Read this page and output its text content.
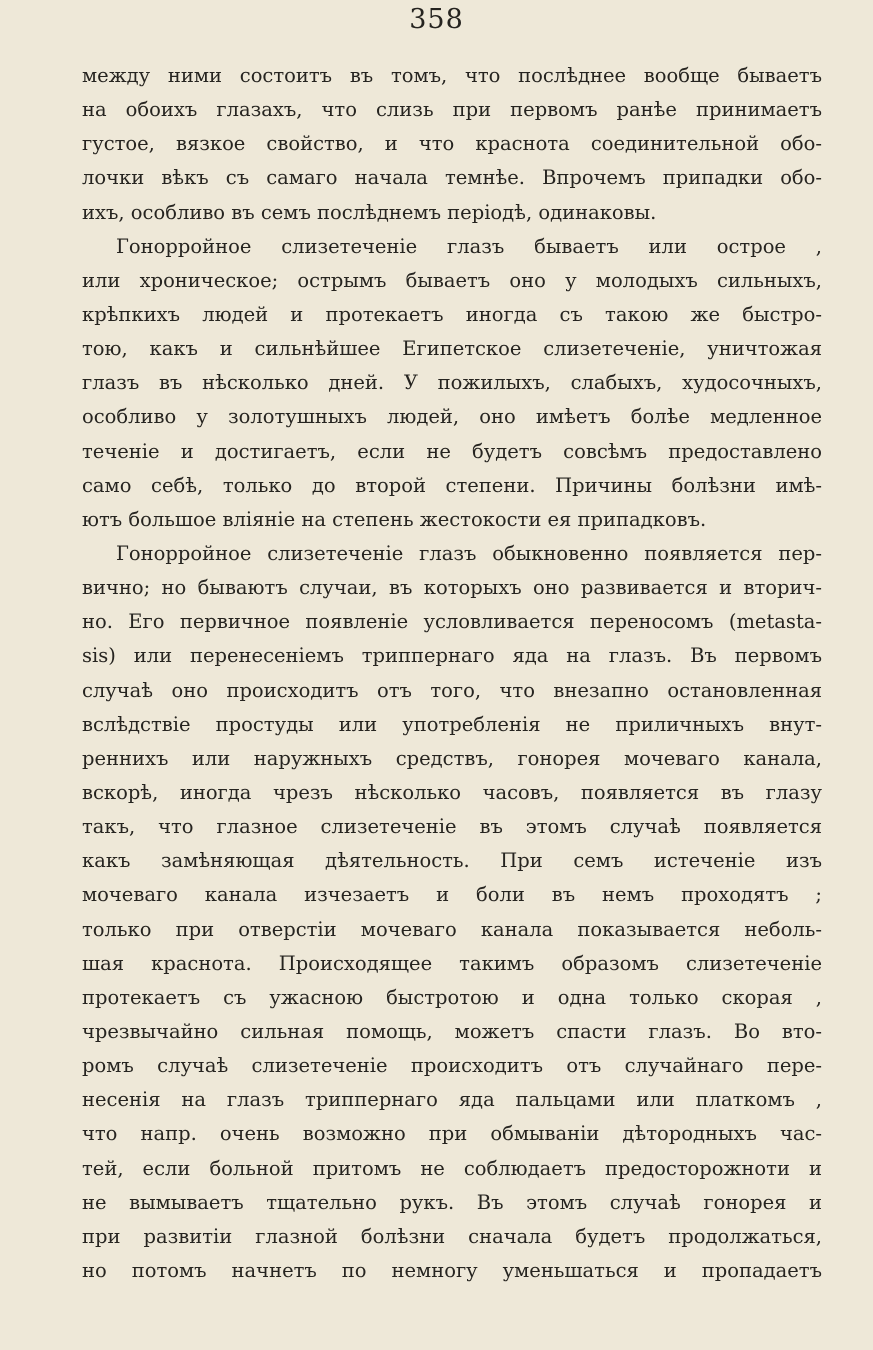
358
между ними состоитъ въ томъ, что послѣднее вообще бываетъ
на обоихъ глазахъ, что слизь при первомъ ранѣе принимаетъ
густое, вязкое свойство, и что краснота соединительной обо-
лочки вѣкъ съ самаго начала темнѣе. Впрочемъ припадки обо-
ихъ, особливо въ семъ послѣднемъ періодѣ, одинаковы.
Гонорройное слизетеченіе глазъ бываетъ или острое ,
или хроническое; острымъ бываетъ оно у молодыхъ сильныхъ,
крѣпкихъ людей и протекаетъ иногда съ такою же быстро-
тою, какъ и сильнѣйшее Египетское слизетеченіе, уничтожая
глазъ въ нѣсколько дней. У пожилыхъ, слабыхъ, худосочныхъ,
особливо у золотушныхъ людей, оно имѣетъ болѣе медленное
теченіе и достигаетъ, если не будетъ совсѣмъ предоставлено
само себѣ, только до второй степени. Причины болѣзни имѣ-
ютъ большое вліяніе на степень жестокости ея припадковъ.
Гонорройное слизетеченіе глазъ обыкновенно появляется пер-
вично; но бываютъ случаи, въ которыхъ оно развивается и вторич-
но. Его первичное появленіе условливается переносомъ (metasta-
sis) или перенесеніемъ триппернаго яда на глазъ. Въ первомъ
случаѣ оно происходитъ отъ того, что внезапно остановленная
вслѣдствіе простуды или употребленія не приличныхъ внут-
реннихъ или наружныхъ средствъ, гонорея мочеваго канала,
вскорѣ, иногда чрезъ нѣсколько часовъ, появляется въ глазу
такъ, что глазное слизетеченіе въ этомъ случаѣ появляется
какъ замѣняющая дѣятельность. При семъ истеченіе изъ
мочеваго канала изчезаетъ и боли въ немъ проходятъ ;
только при отверстіи мочеваго канала показывается неболь-
шая краснота. Происходящее такимъ образомъ слизетеченіе
протекаетъ съ ужасною быстротою и одна только скорая ,
чрезвычайно сильная помощь, можетъ спасти глазъ. Во вто-
ромъ случаѣ слизетеченіе происходитъ отъ случайнаго пере-
несенія на глазъ триппернаго яда пальцами или платкомъ ,
что напр. очень возможно при обмываніи дѣтородныхъ час-
тей, если больной притомъ не соблюдаетъ предосторожноти и
не вымываетъ тщательно рукъ. Въ этомъ случаѣ гонорея и
при развитіи глазной болѣзни сначала будетъ продолжаться,
но потомъ начнетъ по немногу уменьшаться и пропадаетъ
